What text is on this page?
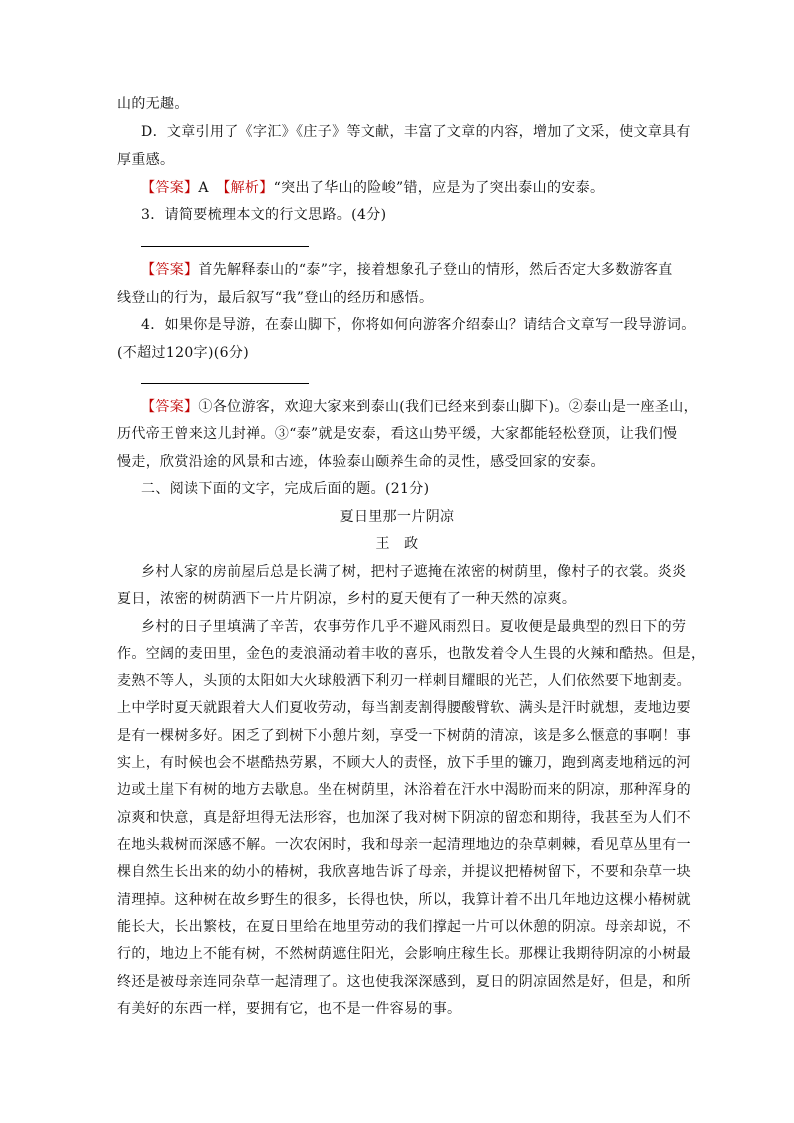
山的无趣。
D．文章引用了《字汇》《庄子》等文献，丰富了文章的内容，增加了文采，使文章具有
厚重感。
【答案】A　 【解析】“突出了华山的险峻”错，应是为了突出泰山的安泰。
3．请简要梳理本文的行文思路。(4分)
【答案】首先解释泰山的“泰”字，接着想象孔子登山的情形，然后否定大多数游客直
线登山的行为，最后叙写“我”登山的经历和感悟。
4．如果你是导游，在泰山脚下，你将如何向游客介绍泰山？请结合文章写一段导游词。
(不超过120字)(6分)
【答案】①各位游客，欢迎大家来到泰山(我们已经来到泰山脚下)。②泰山是一座圣山，
历代帝王曾来这儿封禅。③“泰”就是安泰，看这山势平缓，大家都能轻松登顶，让我们慢
慢走，欣赏沿途的风景和古迹，体验泰山颐养生命的灵性，感受回家的安泰。
二、阅读下面的文字，完成后面的题。(21分)
夏日里那一片阴凉
王　政
乡村人家的房前屋后总是长满了树，把村子遮掩在浓密的树荫里，像村子的衣裳。炎炎
夏日，浓密的树荫洒下一片片阴凉，乡村的夏天便有了一种天然的凉爽。
乡村的日子里填满了辛苦，农事劳作几乎不避风雨烈日。夏收便是最典型的烈日下的劳
作。空阔的麦田里，金色的麦浪涌动着丰收的喜乐，也散发着令人生畏的火辣和酷热。但是，
麦熟不等人，头顶的太阳如大火球般洒下利刃一样刺目耀眼的光芒，人们依然要下地割麦。
上中学时夏天就跟着大人们夏收劳动，每当割麦割得腰酸臂软、满头是汗时就想，麦地边要
是有一棵树多好。困乏了到树下小憩片刻，享受一下树荫的清凉，该是多么惬意的事啊！事
实上，有时候也会不堪酷热劳累，不顾大人的责怪，放下手里的镰刀，跑到离麦地稍远的河
边或土崖下有树的地方去歇息。坐在树荫里，沐浴着在汗水中渴盼而来的阴凉，那种浑身的
凉爽和快意，真是舒坦得无法形容，也加深了我对树下阴凉的留恋和期待，我甚至为人们不
在地头栽树而深感不解。一次农闲时，我和母亲一起清理地边的杂草刺棘，看见草丛里有一
棵自然生长出来的幼小的椿树，我欣喜地告诉了母亲，并提议把椿树留下，不要和杂草一块
清理掉。这种树在故乡野生的很多，长得也快，所以，我算计着不出几年地边这棵小椿树就
能长大，长出繁枝，在夏日里给在地里劳动的我们撑起一片可以休憩的阴凉。母亲却说，不
行的，地边上不能有树，不然树荫遮住阳光，会影响庄稼生长。那棵让我期待阴凉的小树最
终还是被母亲连同杂草一起清理了。这也使我深深感到，夏日的阴凉固然是好，但是，和所
有美好的东西一样，要拥有它，也不是一件容易的事。
